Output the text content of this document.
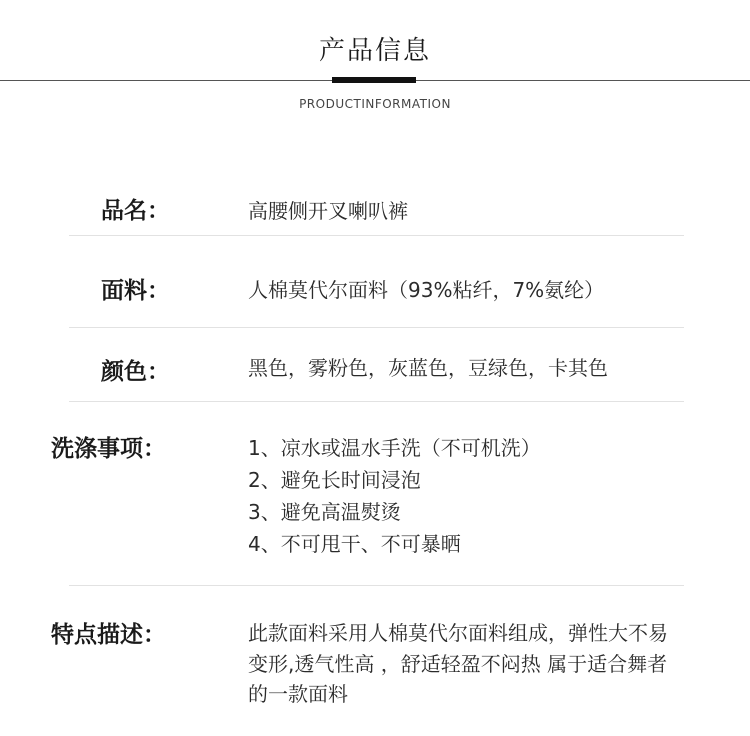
产品信息
PRODUCTINFORMATION
品名：	高腰侧开叉喇叭裤
面料：	人棉莫代尔面料（93%粘纤，7%氨纶）
颜色：	黑色，雾粉色，灰蓝色，豆绿色，卡其色
洗涤事项：	1、凉水或温水手洗（不可机洗）
2、避免长时间浸泡
3、避免高温熨烫
4、不可甩干、不可暴晒
特点描述：	此款面料采用人棉莫代尔面料组成，弹性大不易
变形,透气性高 ，舒适轻盈不闷热 属于适合舞者
的一款面料
